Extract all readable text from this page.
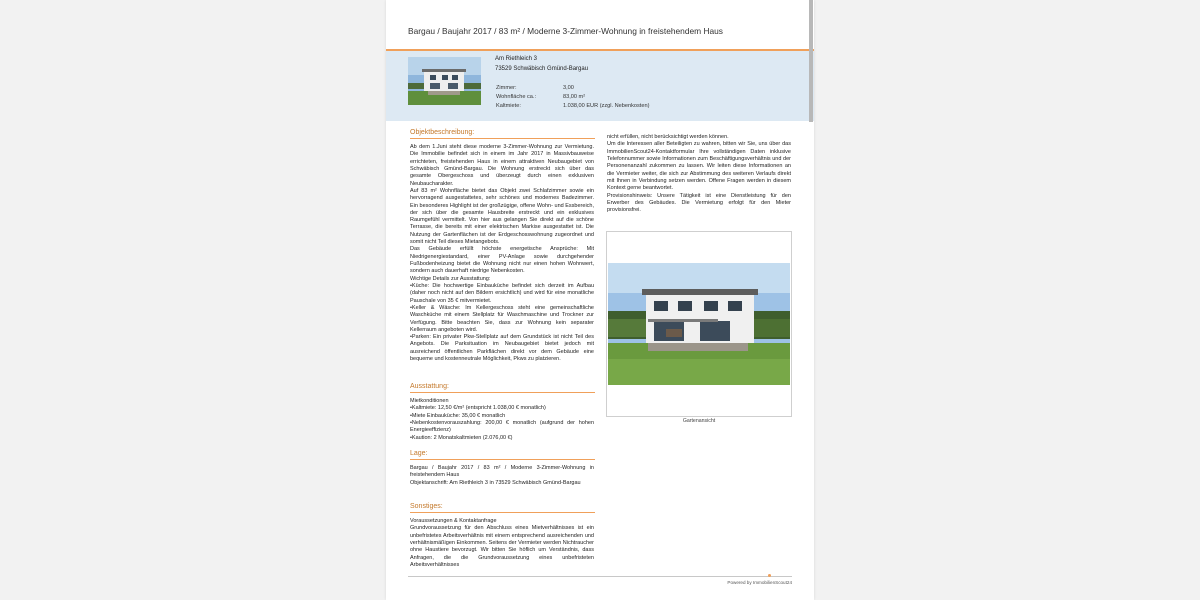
Bargau / Baujahr 2017 / 83 m² / Moderne 3-Zimmer-Wohnung in freistehendem Haus
Am Riethleich 3
73529 Schwäbisch Gmünd-Bargau
Zimmer:	3,00
Wohnfläche ca.:	83,00 m²
Kaltmiete:	1.038,00 EUR (zzgl. Nebenkosten)
Objektbeschreibung:
Ab dem 1.Juni steht diese moderne 3-Zimmer-Wohnung zur Vermietung. Die Immobilie befindet sich in einem im Jahr 2017 in Massivbauweise errichteten, freistehenden Haus in einem attraktiven Neubaugebiet von Schwäbisch Gmünd-Bargau. Die Wohnung erstreckt sich über das gesamte Obergeschoss und überzeugt durch einen exklusiven Neubaucharakter.
Auf 83 m² Wohnfläche bietet das Objekt zwei Schlafzimmer sowie ein hervorragend ausgestattetes, sehr schönes und modernes Badezimmer. Ein besonderes Highlight ist der großzügige, offene Wohn- und Essbereich, der sich über die gesamte Hausbreite erstreckt und ein exklusives Raumgefühl vermittelt. Von hier aus gelangen Sie direkt auf die schöne Terrasse, die bereits mit einer elektrischen Markise ausgestattet ist. Die Nutzung der Gartenflächen ist der Erdgeschosswohnung zugeordnet und somit nicht Teil dieses Mietangebots.
Das Gebäude erfüllt höchste energetische Ansprüche: Mit Niedrigenergiestandard, einer PV-Anlage sowie durchgehender Fußbodenheizung bietet die Wohnung nicht nur einen hohen Wohnwert, sondern auch dauerhaft niedrige Nebenkosten.
Wichtige Details zur Ausstattung:
•Küche: Die hochwertige Einbauküche befindet sich derzeit im Aufbau (daher noch nicht auf den Bildern ersichtlich) und wird für eine monatliche Pauschale von 35 € mitvermietet.
•Keller & Wäsche: Im Kellergeschoss steht eine gemeinschaftliche Waschküche mit einem Stellplatz für Waschmaschine und Trockner zur Verfügung. Bitte beachten Sie, dass zur Wohnung kein separater Kellerraum angeboten wird.
•Parken: Ein privater Pkw-Stellplatz auf dem Grundstück ist nicht Teil des Angebots. Die Parksituation im Neubaugebiet bietet jedoch mit ausreichend öffentlichen Parkflächen direkt vor dem Gebäude eine bequeme und kostenneutrale Möglichkeit, Pkws zu platzieren.
Ausstattung:
Mietkonditionen
•Kaltmiete: 12,50 €/m² (entspricht 1.038,00 € monatlich)
•Miete Einbauküche: 35,00 € monatlich
•Nebenkostenvorauszahlung: 200,00 € monatlich (aufgrund der hohen Energieeffizienz)
•Kaution: 2 Monatskaltmieten (2.076,00 €)
Lage:
Bargau / Baujahr 2017 / 83 m² / Moderne 3-Zimmer-Wohnung in freistehendem Haus
Objektanschrift: Am Riethleich 3 in 73529 Schwäbisch Gmünd-Bargau
Sonstiges:
Voraussetzungen & Kontaktanfrage
Grundvoraussetzung für den Abschluss eines Mietverhältnisses ist ein unbefristetes Arbeitsverhältnis mit einem entsprechend ausreichenden und verhältnismäßigen Einkommen. Seitens der Vermieter werden Nichtraucher ohne Haustiere bevorzugt. Wir bitten Sie höflich um Verständnis, dass Anfragen, die die Grundvoraussetzung eines unbefristeten Arbeitsverhältnisses
nicht erfüllen, nicht berücksichtigt werden können.
Um die Interessen aller Beteiligten zu wahren, bitten wir Sie, uns über das ImmobilienScout24-Kontaktformular Ihre vollständigen Daten inklusive Telefonnummer sowie Informationen zum Beschäftigungsverhältnis und der Personenanzahl zukommen zu lassen. Wir leiten diese Informationen an die Vermieter weiter, die sich zur Abstimmung des weiteren Verlaufs direkt mit Ihnen in Verbindung setzen werden. Offene Fragen werden in diesem Kontext gerne beantwortet.
Provisionshinweis: Unsere Tätigkeit ist eine Dienstleistung für den Erwerber des Gebäudes. Die Vermietung erfolgt für den Mieter provisionsfrei.
Gartenansicht
Powered by ImmobilienScout24
